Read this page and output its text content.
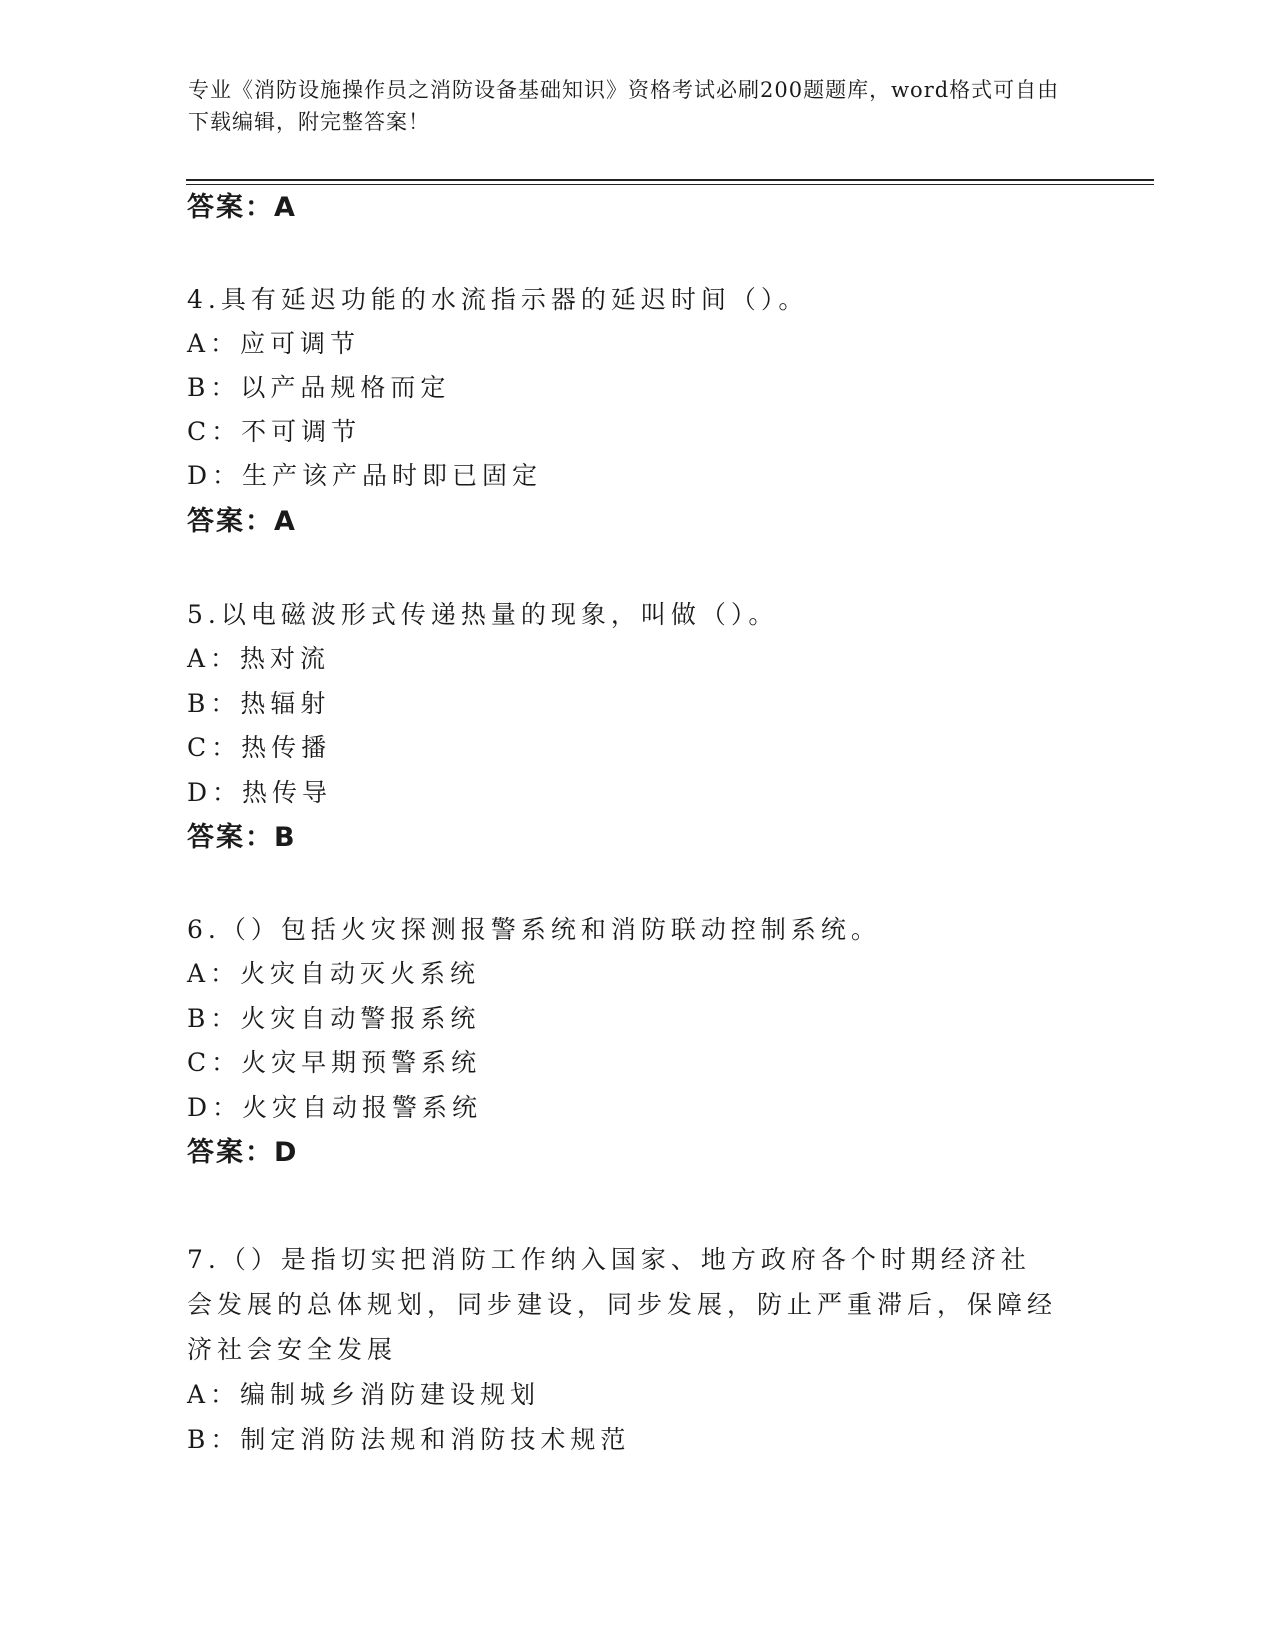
专业《消防设施操作员之消防设备基础知识》资格考试必刷200题题库，word格式可自由下载编辑，附完整答案！
答案：A
4.具有延迟功能的水流指示器的延迟时间（）。
A：应可调节
B：以产品规格而定
C：不可调节
D：生产该产品时即已固定
答案：A
5.以电磁波形式传递热量的现象，叫做（）。
A：热对流
B：热辐射
C：热传播
D：热传导
答案：B
6.（）包括火灾探测报警系统和消防联动控制系统。
A：火灾自动灭火系统
B：火灾自动警报系统
C：火灾早期预警系统
D：火灾自动报警系统
答案：D
7.（）是指切实把消防工作纳入国家、地方政府各个时期经济社会发展的总体规划，同步建设，同步发展，防止严重滞后，保障经济社会安全发展
A：编制城乡消防建设规划
B：制定消防法规和消防技术规范
